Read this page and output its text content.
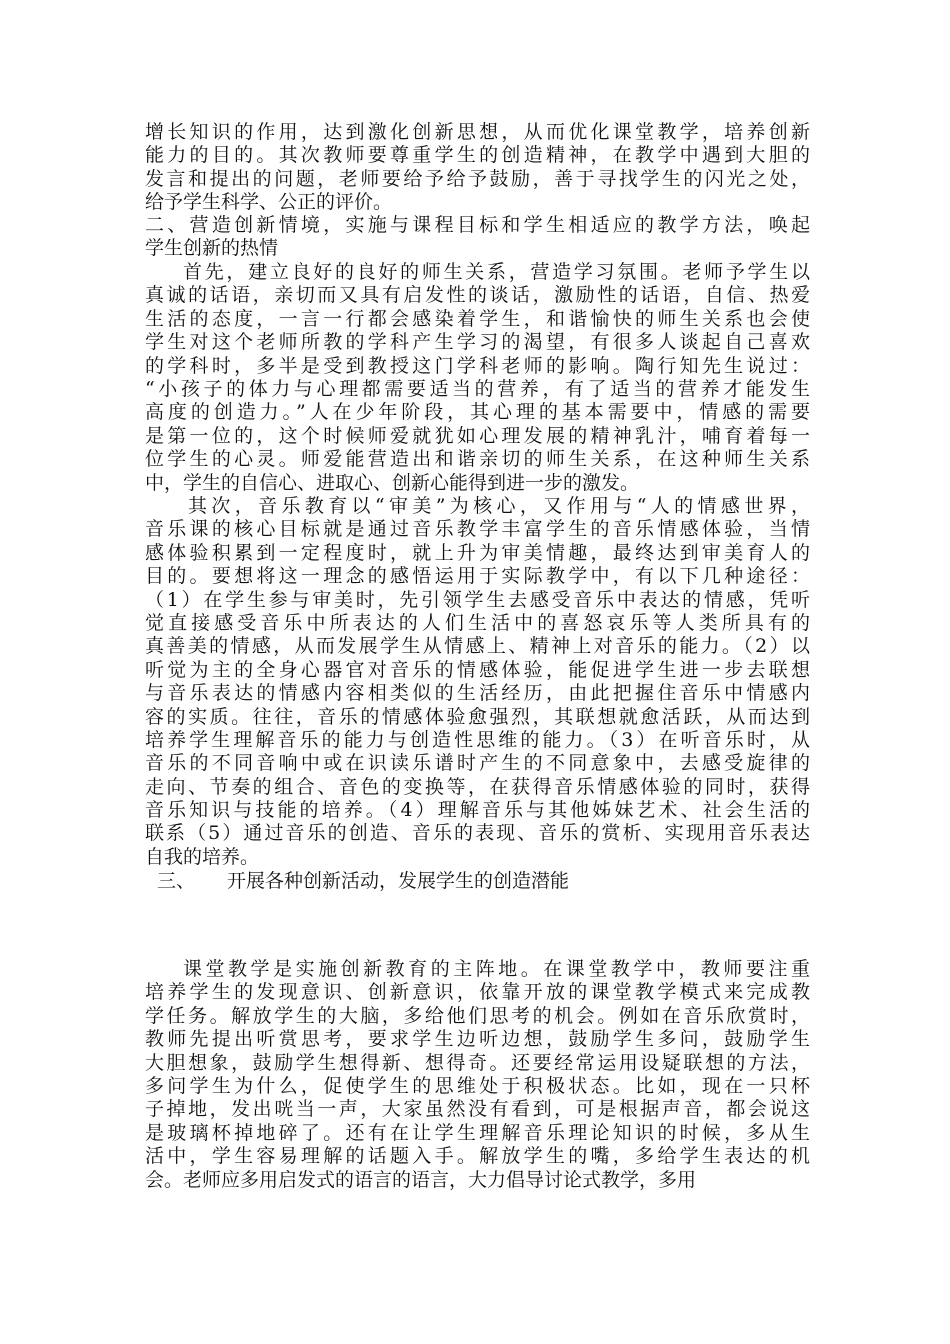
增长知识的作用，达到激化创新思想，从而优化课堂教学，培养创新
能力的目的。其次教师要尊重学生的创造精神，在教学中遇到大胆的
发言和提出的问题，老师要给予给予鼓励，善于寻找学生的闪光之处，
给予学生科学、公正的评价。
二、营造创新情境，实施与课程目标和学生相适应的教学方法，唤起
学生创新的热情
首先，建立良好的良好的师生关系，营造学习氛围。老师予学生以
真诚的话语，亲切而又具有启发性的谈话，激励性的话语，自信、热爱
生活的态度，一言一行都会感染着学生，和谐愉快的师生关系也会使
学生对这个老师所教的学科产生学习的渴望，有很多人谈起自己喜欢
的学科时，多半是受到教授这门学科老师的影响。陶行知先生说过：
“小孩子的体力与心理都需要适当的营养，有了适当的营养才能发生
高度的创造力。”人在少年阶段，其心理的基本需要中，情感的需要
是第一位的，这个时候师爱就犹如心理发展的精神乳汁，哺育着每一
位学生的心灵。师爱能营造出和谐亲切的师生关系，在这种师生关系
中，学生的自信心、进取心、创新心能得到进一步的激发。
其次，音乐教育以“审美”为核心，又作用与“人的情感世界，
音乐课的核心目标就是通过音乐教学丰富学生的音乐情感体验，当情
感体验积累到一定程度时，就上升为审美情趣，最终达到审美育人的
目的。要想将这一理念的感悟运用于实际教学中，有以下几种途径：
（1）在学生参与审美时，先引领学生去感受音乐中表达的情感，凭听
觉直接感受音乐中所表达的人们生活中的喜怒哀乐等人类所具有的
真善美的情感，从而发展学生从情感上、精神上对音乐的能力。（2）以
听觉为主的全身心器官对音乐的情感体验，能促进学生进一步去联想
与音乐表达的情感内容相类似的生活经历，由此把握住音乐中情感内
容的实质。往往，音乐的情感体验愈强烈，其联想就愈活跃，从而达到
培养学生理解音乐的能力与创造性思维的能力。（3）在听音乐时，从
音乐的不同音响中或在识读乐谱时产生的不同意象中，去感受旋律的
走向、节奏的组合、音色的变换等，在获得音乐情感体验的同时，获得
音乐知识与技能的培养。（4）理解音乐与其他姊妹艺术、社会生活的
联系（5）通过音乐的创造、音乐的表现、音乐的赏析、实现用音乐表达
自我的培养。
三、 开展各种创新活动，发展学生的创造潜能
课堂教学是实施创新教育的主阵地。在课堂教学中，教师要注重
培养学生的发现意识、创新意识，依靠开放的课堂教学模式来完成教
学任务。解放学生的大脑，多给他们思考的机会。例如在音乐欣赏时，
教师先提出听赏思考，要求学生边听边想，鼓励学生多问，鼓励学生
大胆想象，鼓励学生想得新、想得奇。还要经常运用设疑联想的方法，
多问学生为什么，促使学生的思维处于积极状态。比如，现在一只杯
子掉地，发出咣当一声，大家虽然没有看到，可是根据声音，都会说这
是玻璃杯掉地碎了。还有在让学生理解音乐理论知识的时候，多从生
活中，学生容易理解的话题入手。解放学生的嘴，多给学生表达的机
会。老师应多用启发式的语言的语言，大力倡导讨论式教学，多用
